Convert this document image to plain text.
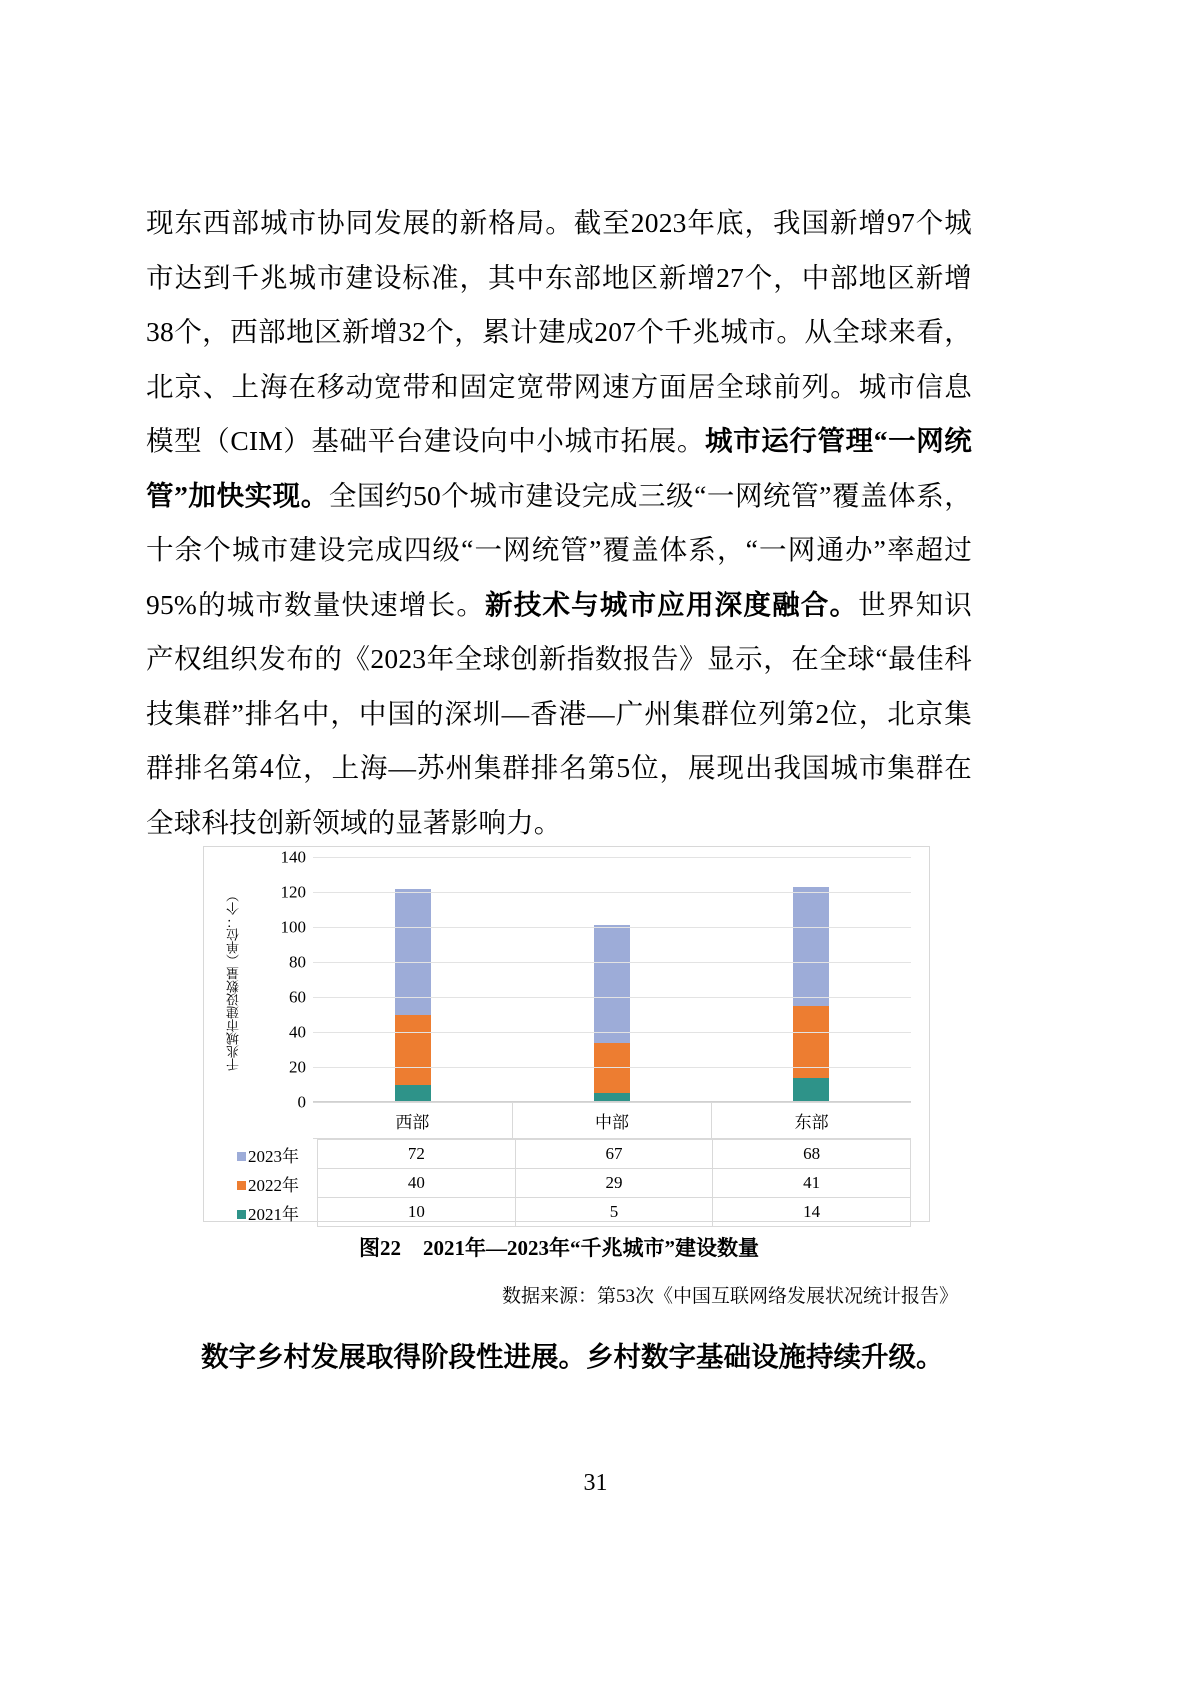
现东西部城市协同发展的新格局。截至2023年底，我国新增97个城市达到千兆城市建设标准，其中东部地区新增27个，中部地区新增38个，西部地区新增32个，累计建成207个千兆城市。从全球来看，北京、上海在移动宽带和固定宽带网速方面居全球前列。城市信息模型（CIM）基础平台建设向中小城市拓展。城市运行管理“一网统管”加快实现。全国约50个城市建设完成三级“一网统管”覆盖体系，十余个城市建设完成四级“一网统管”覆盖体系，“一网通办”率超过95%的城市数量快速增长。新技术与城市应用深度融合。世界知识产权组织发布的《2023年全球创新指数报告》显示，在全球“最佳科技集群”排名中，中国的深圳—香港—广州集群位列第2位，北京集群排名第4位，上海—苏州集群排名第5位，展现出我国城市集群在全球科技创新领域的显著影响力。
千兆城市建设数量（单位：个）
0
20
40
60
80
100
120
140
西部	中部	东部
2023年	72	67	68
2022年	40	29	41
2021年	10	5	14
图22 2021年—2023年“千兆城市”建设数量
数据来源：第53次《中国互联网络发展状况统计报告》
数字乡村发展取得阶段性进展。乡村数字基础设施持续升级。
31
